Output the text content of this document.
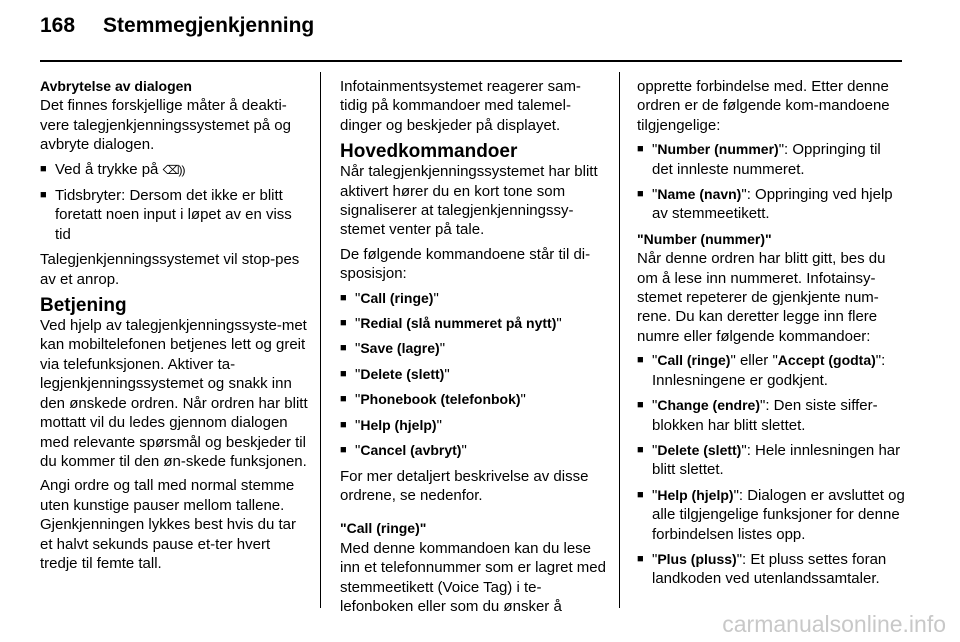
168 Stemmegjenkjenning
Avbrytelse av dialogen

Det finnes forskjellige måter å deakti-vere talegjenkjenningssystemet på og avbryte dialogen.

■ Ved å trykke på ⌫))
■ Tidsbryter: Dersom det ikke er blitt foretatt noen input i løpet av en viss tid

Talegjenkjenningssystemet vil stop-pes av et anrop.

Betjening

Ved hjelp av talegjenkjenningssyste-met kan mobiltelefonen betjenes lett og greit via telefunksjonen. Aktiver ta-legjenkjenningssystemet og snakk inn den ønskede ordren. Når ordren har blitt mottatt vil du ledes gjennom dialogen med relevante spørsmål og beskjeder til du kommer til den øn-skede funksjonen.

Angi ordre og tall med normal stemme uten kunstige pauser mellom tallene. Gjenkjenningen lykkes best hvis du tar et halvt sekunds pause et-ter hvert tredje til femte tall.

Infotainmentsystemet reagerer sam-tidig på kommandoer med talemel-dinger og beskjeder på displayet.

Hovedkommandoer

Når talegjenkjenningssystemet har blitt aktivert hører du en kort tone som signaliserer at talegjenkjenningssy-stemet venter på tale.

De følgende kommandoene står til di-sposisjon:

■ "Call (ringe)"
■ "Redial (slå nummeret på nytt)"
■ "Save (lagre)"
■ "Delete (slett)"
■ "Phonebook (telefonbok)"
■ "Help (hjelp)"
■ "Cancel (avbryt)"

For mer detaljert beskrivelse av disse ordrene, se nedenfor.

"Call (ringe)"

Med denne kommandoen kan du lese inn et telefonnummer som er lagret med stemmeetikett (Voice Tag) i te-lefonboken eller som du ønsker å

opprette forbindelse med. Etter denne ordren er de følgende kom-mandoene tilgjengelige:

■ "Number (nummer)": Oppringing til det innleste nummeret.
■ "Name (navn)": Oppringing ved hjelp av stemmeetikett.
"Number (nummer)"

Når denne ordren har blitt gitt, bes du om å lese inn nummeret. Infotainsy-stemet repeterer de gjenkjente num-rene. Du kan deretter legge inn flere numre eller følgende kommandoer:

■ "Call (ringe)" eller "Accept (godta)": Innlesningene er godkjent.
■ "Change (endre)": Den siste siffer-blokken har blitt slettet.
■ "Delete (slett)": Hele innlesningen har blitt slettet.
■ "Help (hjelp)": Dialogen er avsluttet og alle tilgjengelige funksjoner for denne forbindelsen listes opp.
■ "Plus (pluss)": Et pluss settes foran landkoden ved utenlandssamtaler.
carmanualsonline.info
